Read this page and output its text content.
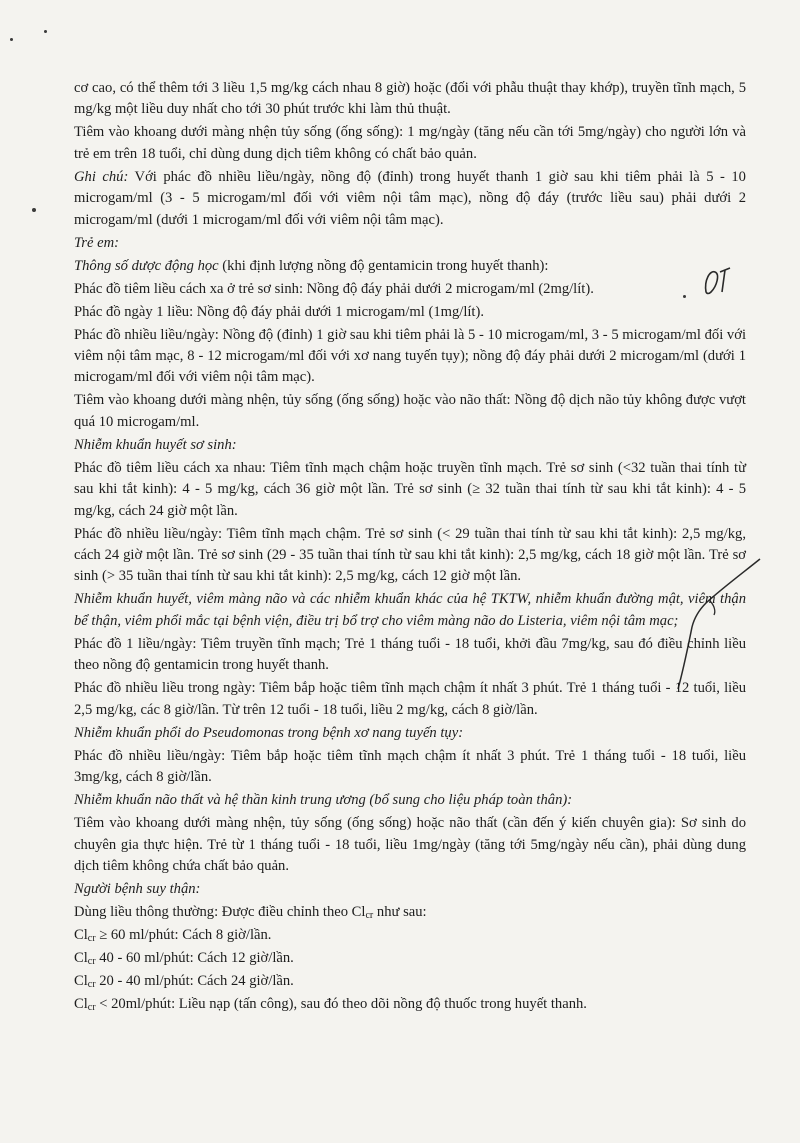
cơ cao, có thể thêm tới 3 liều 1,5 mg/kg cách nhau 8 giờ) hoặc (đối với phẫu thuật thay khớp), truyền tĩnh mạch, 5 mg/kg một liều duy nhất cho tới 30 phút trước khi làm thủ thuật.

Tiêm vào khoang dưới màng nhện tủy sống (ống sống): 1 mg/ngày (tăng nếu cần tới 5mg/ngày) cho người lớn và trẻ em trên 18 tuổi, chỉ dùng dung dịch tiêm không có chất bảo quản.

Ghi chú: Với phác đồ nhiều liều/ngày, nồng độ (đỉnh) trong huyết thanh 1 giờ sau khi tiêm phải là 5 - 10 microgam/ml (3 - 5 microgam/ml đối với viêm nội tâm mạc), nồng độ đáy (trước liều sau) phải dưới 2 microgam/ml (dưới 1 microgam/ml đối với viêm nội tâm mạc).

Trẻ em:

Thông số dược động học (khi định lượng nồng độ gentamicin trong huyết thanh):

Phác đồ tiêm liều cách xa ở trẻ sơ sinh: Nồng độ đáy phải dưới 2 microgam/ml (2mg/lít).

Phác đồ ngày 1 liều: Nồng độ đáy phải dưới 1 microgam/ml (1mg/lít).

Phác đồ nhiều liều/ngày: Nồng độ (đỉnh) 1 giờ sau khi tiêm phải là 5 - 10 microgam/ml, 3 - 5 microgam/ml đối với viêm nội tâm mạc, 8 - 12 microgam/ml đối với xơ nang tuyến tụy); nồng độ đáy phải dưới 2 microgam/ml (dưới 1 microgam/ml đối với viêm nội tâm mạc).

Tiêm vào khoang dưới màng nhện, tủy sống (ống sống) hoặc vào não thất: Nồng độ dịch não tủy không được vượt quá 10 microgam/ml.

Nhiễm khuẩn huyết sơ sinh:

Phác đồ tiêm liều cách xa nhau: Tiêm tĩnh mạch chậm hoặc truyền tĩnh mạch. Trẻ sơ sinh (<32 tuần thai tính từ sau khi tắt kinh): 4 - 5 mg/kg, cách 36 giờ một lần. Trẻ sơ sinh (≥ 32 tuần thai tính từ sau khi tắt kinh): 4 - 5 mg/kg, cách 24 giờ một lần.

Phác đồ nhiều liều/ngày: Tiêm tĩnh mạch chậm. Trẻ sơ sinh (< 29 tuần thai tính từ sau khi tắt kinh): 2,5 mg/kg, cách 24 giờ một lần. Trẻ sơ sinh (29 - 35 tuần thai tính từ sau khi tắt kinh): 2,5 mg/kg, cách 18 giờ một lần. Trẻ sơ sinh (> 35 tuần thai tính từ sau khi tắt kinh): 2,5 mg/kg, cách 12 giờ một lần.

Nhiễm khuẩn huyết, viêm màng não và các nhiễm khuẩn khác của hệ TKTW, nhiễm khuẩn đường mật, viêm thận bể thận, viêm phổi mắc tại bệnh viện, điều trị bổ trợ cho viêm màng não do Listeria, viêm nội tâm mạc;

Phác đồ 1 liều/ngày: Tiêm truyền tĩnh mạch; Trẻ 1 tháng tuổi - 18 tuổi, khởi đầu 7mg/kg, sau đó điều chỉnh liều theo nồng độ gentamicin trong huyết thanh.

Phác đồ nhiều liều trong ngày: Tiêm bắp hoặc tiêm tĩnh mạch chậm ít nhất 3 phút. Trẻ 1 tháng tuổi - 12 tuổi, liều 2,5 mg/kg, các 8 giờ/lần. Từ trên 12 tuổi - 18 tuổi, liều 2 mg/kg, cách 8 giờ/lần.

Nhiễm khuẩn phổi do Pseudomonas trong bệnh xơ nang tuyến tụy:

Phác đồ nhiều liều/ngày: Tiêm bắp hoặc tiêm tĩnh mạch chậm ít nhất 3 phút. Trẻ 1 tháng tuổi - 18 tuổi, liều 3mg/kg, cách 8 giờ/lần.

Nhiễm khuẩn não thất và hệ thần kinh trung ương (bổ sung cho liệu pháp toàn thân):

Tiêm vào khoang dưới màng nhện, tủy sống (ống sống) hoặc não thất (cần đến ý kiến chuyên gia): Sơ sinh do chuyên gia thực hiện. Trẻ từ 1 tháng tuổi - 18 tuổi, liều 1mg/ngày (tăng tới 5mg/ngày nếu cần), phải dùng dung dịch tiêm không chứa chất bảo quản.

Người bệnh suy thận:

Dùng liều thông thường: Được điều chỉnh theo $Cl_{cr}$ như sau:

$Cl_{cr} \ge 60$ ml/phút: Cách 8 giờ/lần.

$Cl_{cr}$ 40 - 60 ml/phút: Cách 12 giờ/lần.

$Cl_{cr}$ 20 - 40 ml/phút: Cách 24 giờ/lần.

$Cl_{cr}$ < 20ml/phút: Liều nạp (tấn công), sau đó theo dõi nồng độ thuốc trong huyết thanh.
